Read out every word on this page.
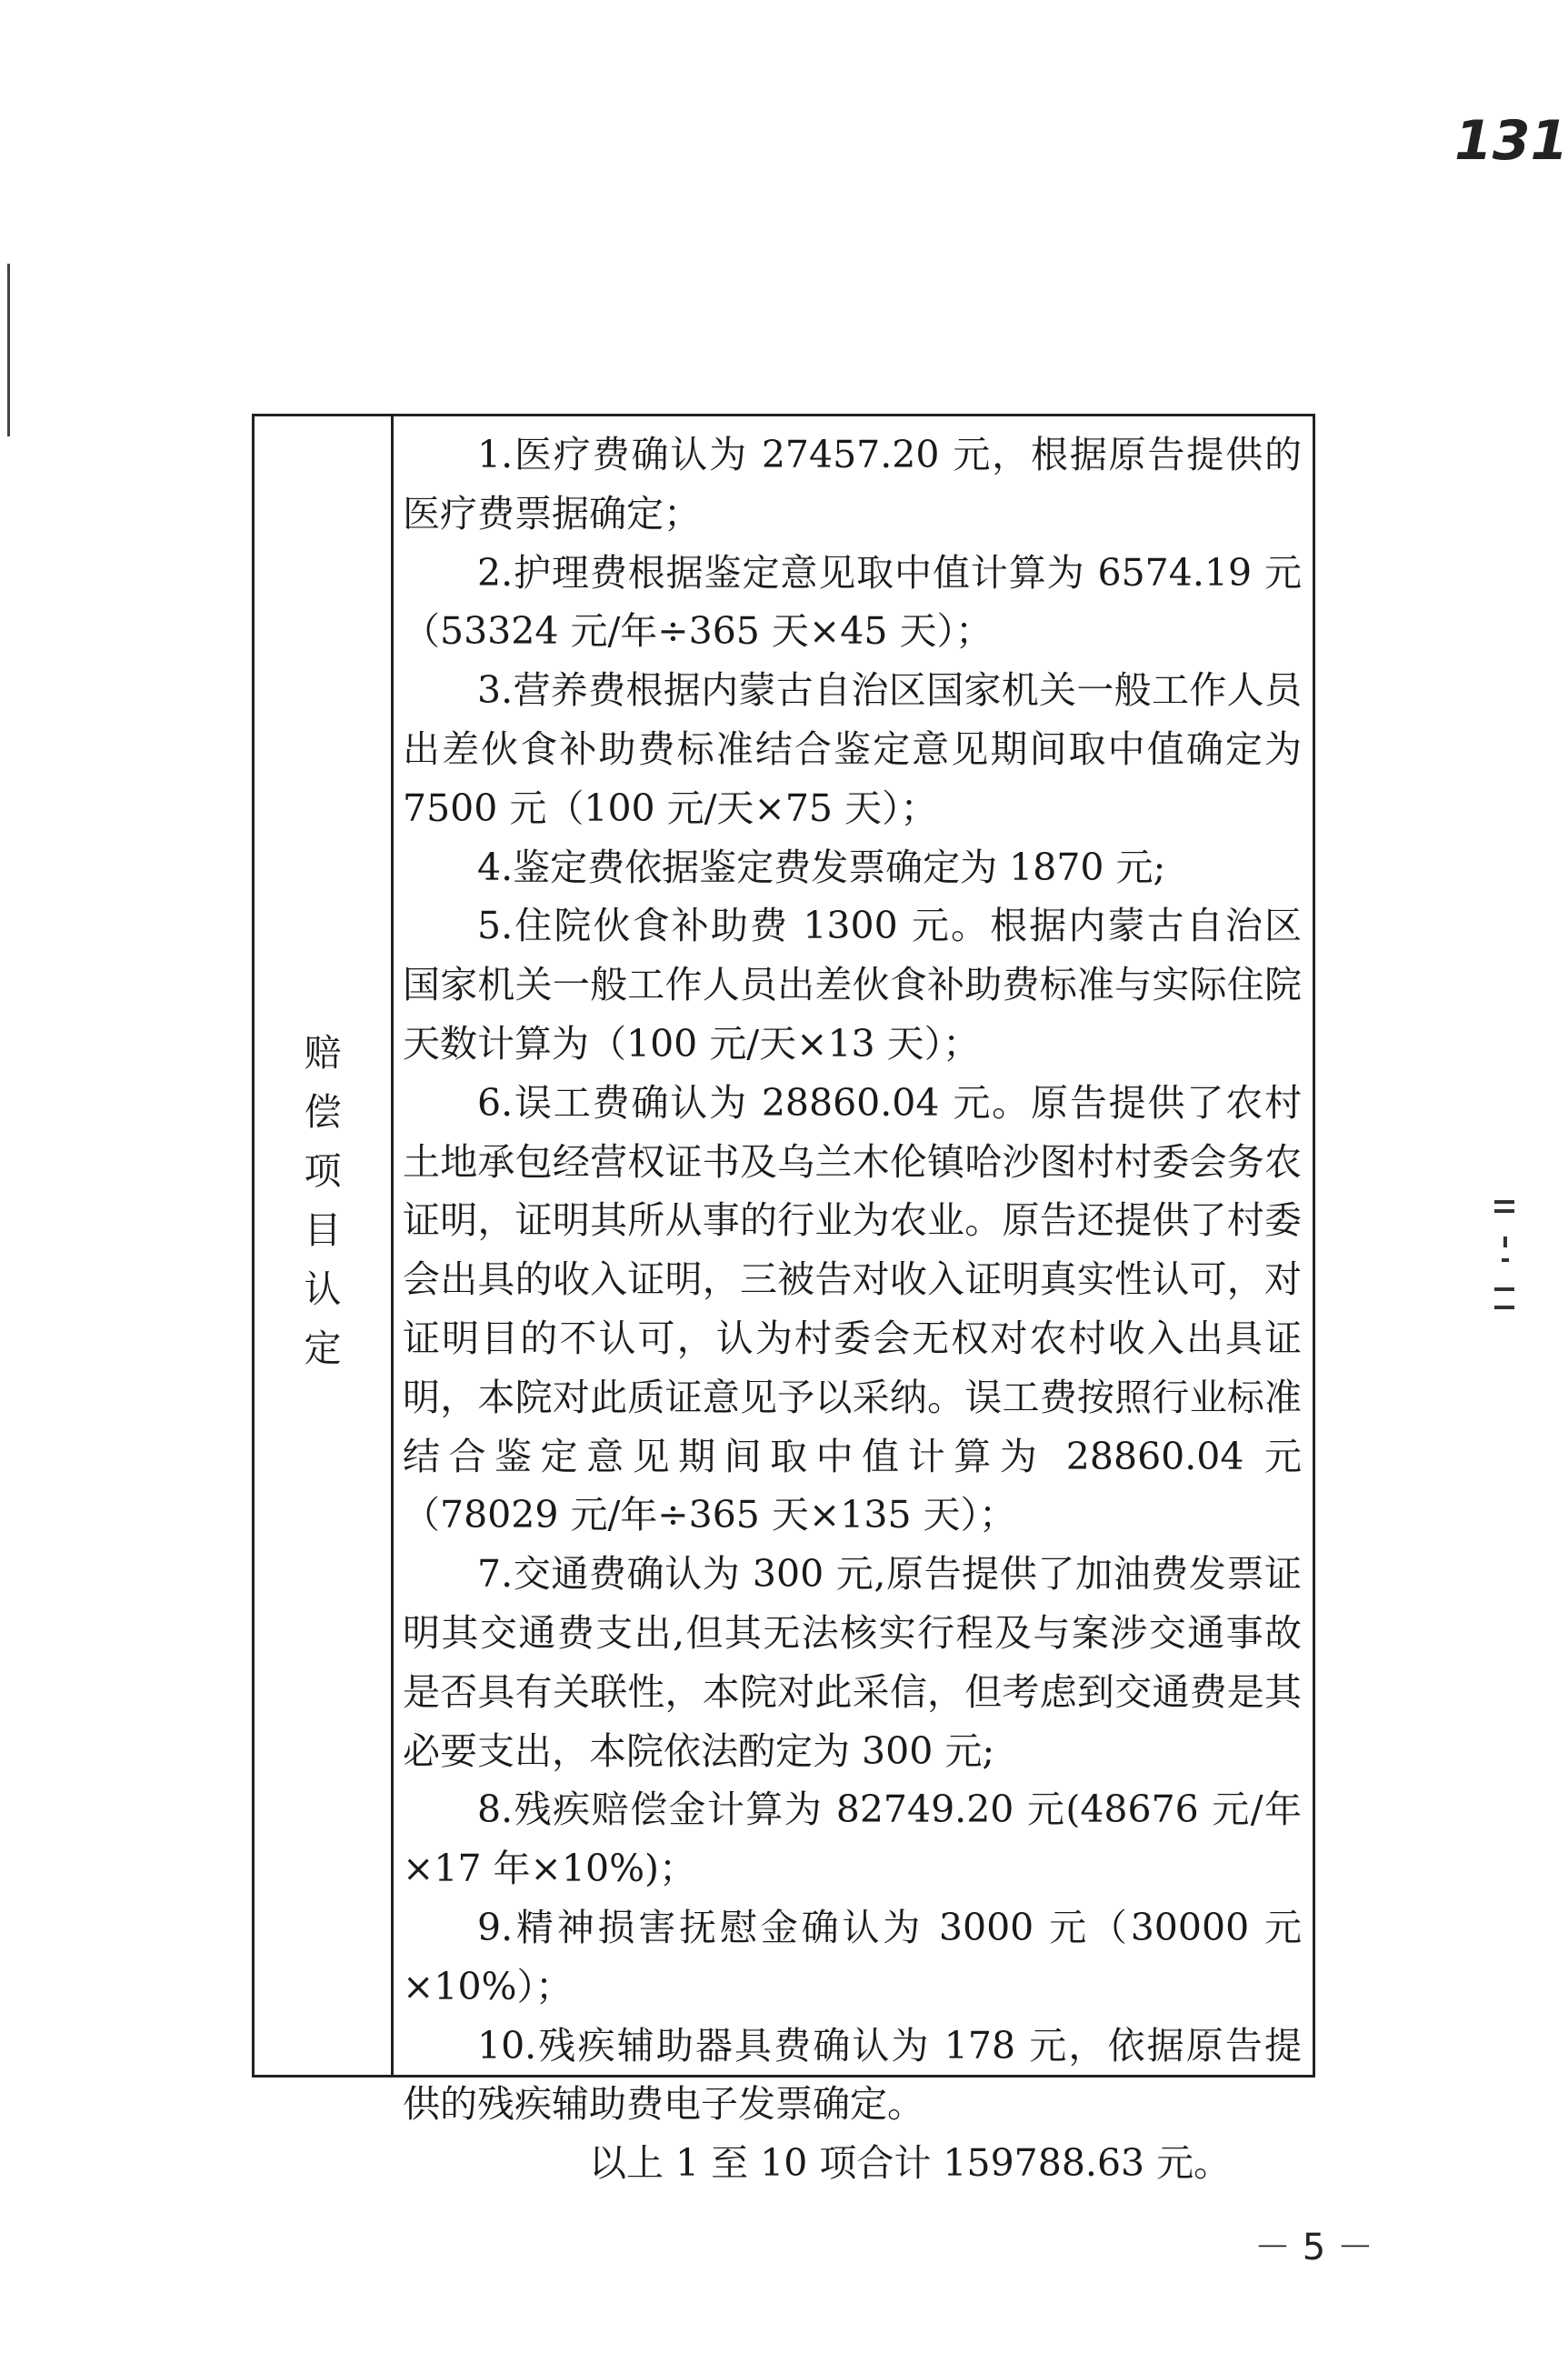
131
赔
偿
项
目
认
定

1.医疗费确认为 27457.20 元，根据原告提供的医疗费票据确定；

2.护理费根据鉴定意见取中值计算为 6574.19 元（53324 元/年÷365 天×45 天）；

3.营养费根据内蒙古自治区国家机关一般工作人员出差伙食补助费标准结合鉴定意见期间取中值确定为 7500 元（100 元/天×75 天）；

4.鉴定费依据鉴定费发票确定为 1870 元;

5.住院伙食补助费 1300 元。根据内蒙古自治区国家机关一般工作人员出差伙食补助费标准与实际住院天数计算为（100 元/天×13 天）；

6.误工费确认为 28860.04 元。原告提供了农村土地承包经营权证书及乌兰木伦镇哈沙图村村委会务农证明，证明其所从事的行业为农业。原告还提供了村委会出具的收入证明，三被告对收入证明真实性认可，对证明目的不认可，认为村委会无权对农村收入出具证明，本院对此质证意见予以采纳。误工费按照行业标准结合鉴定意见期间取中值计算为 28860.04 元（78029 元/年÷365 天×135 天）；

7.交通费确认为 300 元,原告提供了加油费发票证明其交通费支出,但其无法核实行程及与案涉交通事故是否具有关联性，本院对此采信，但考虑到交通费是其必要支出，本院依法酌定为 300 元;

8.残疾赔偿金计算为 82749.20 元(48676 元/年×17 年×10%)；

9.精神损害抚慰金确认为 3000 元（30000 元×10%）；

10.残疾辅助器具费确认为 178 元，依据原告提供的残疾辅助费电子发票确定。

以上 1 至 10 项合计 159788.63 元。

－ 5 －
